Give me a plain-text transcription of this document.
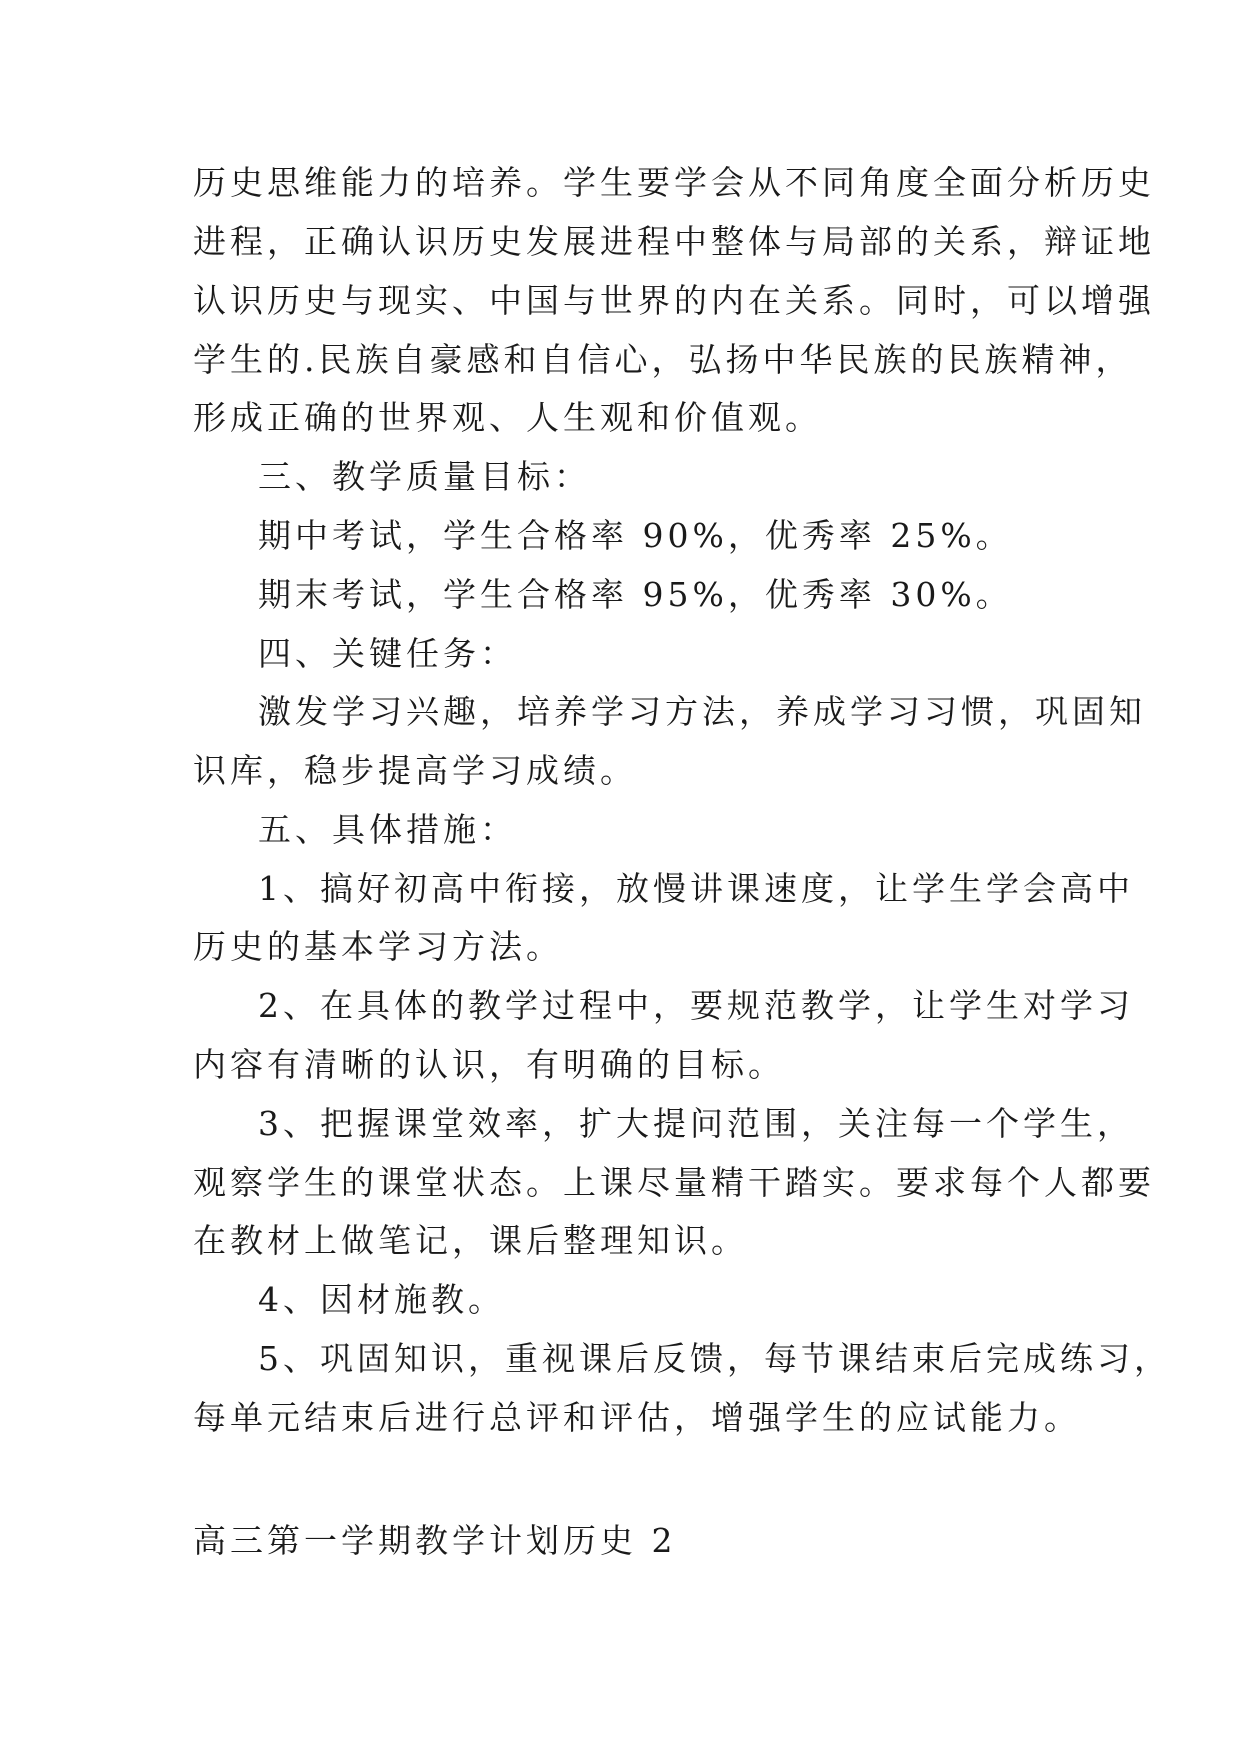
历史思维能力的培养。学生要学会从不同角度全面分析历史
进程，正确认识历史发展进程中整体与局部的关系，辩证地
认识历史与现实、中国与世界的内在关系。同时，可以增强
学生的.民族自豪感和自信心，弘扬中华民族的民族精神，
形成正确的世界观、人生观和价值观。
三、教学质量目标：
期中考试，学生合格率 90%，优秀率 25%。
期末考试，学生合格率 95%，优秀率 30%。
四、关键任务：
激发学习兴趣，培养学习方法，养成学习习惯，巩固知
识库，稳步提高学习成绩。
五、具体措施：
1、搞好初高中衔接，放慢讲课速度，让学生学会高中
历史的基本学习方法。
2、在具体的教学过程中，要规范教学，让学生对学习
内容有清晰的认识，有明确的目标。
3、把握课堂效率，扩大提问范围，关注每一个学生，
观察学生的课堂状态。上课尽量精干踏实。要求每个人都要
在教材上做笔记，课后整理知识。
4、因材施教。
5、巩固知识，重视课后反馈，每节课结束后完成练习，
每单元结束后进行总评和评估，增强学生的应试能力。
高三第一学期教学计划历史 2
